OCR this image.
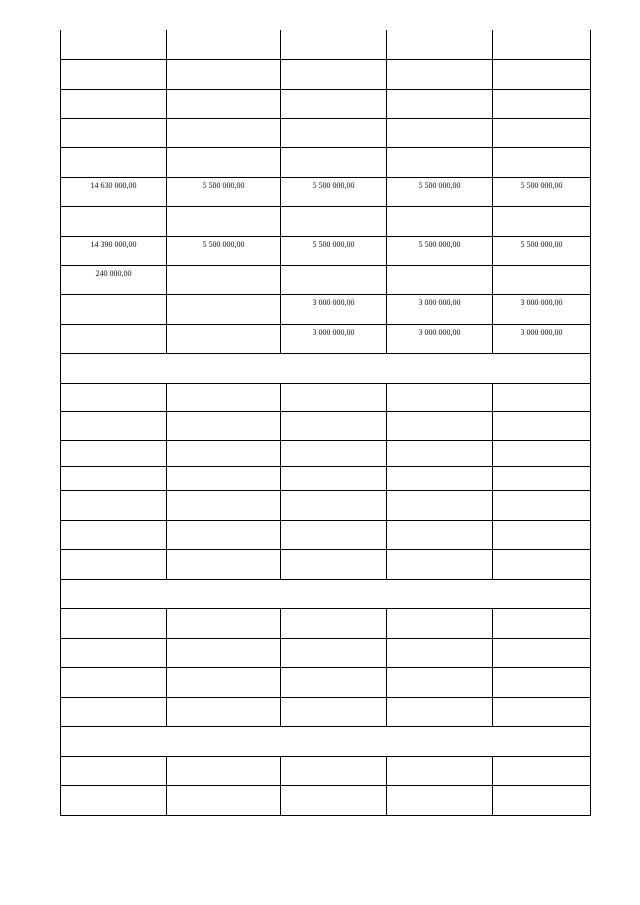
14 630 000,00	5 500 000,00	5 500 000,00	5 500 000,00	5 500 000,00

14 390 000,00	5 500 000,00	5 500 000,00	5 500 000,00	5 500 000,00

240 000,00				

		3 000 000,00	3 000 000,00	3 000 000,00

		3 000 000,00	3 000 000,00	3 000 000,00
